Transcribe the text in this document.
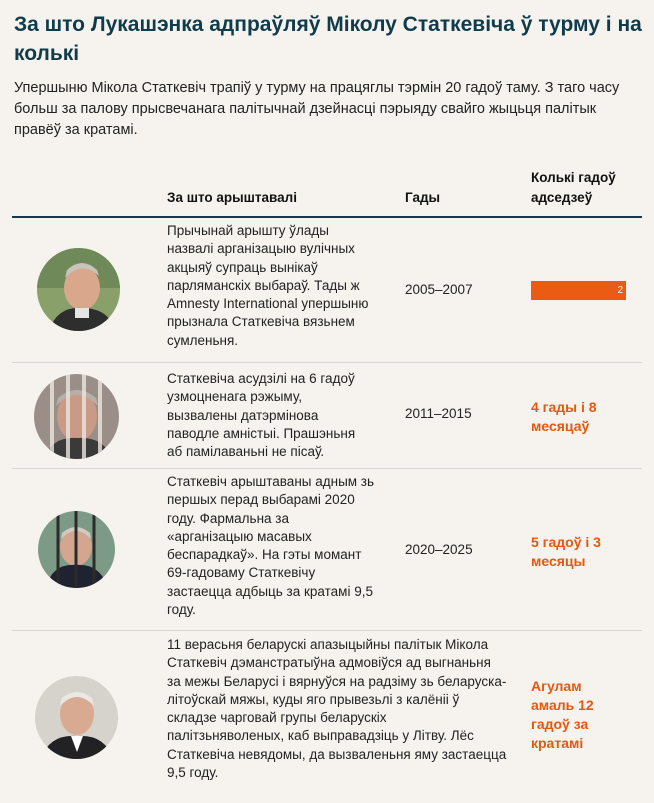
За што Лукашэнка адпраўляў Міколу Статкевіча ў турму і на колькі

Упершыню Мікола Статкевіч трапіў у турму на працяглы тэрмін 20 гадоў таму. З таго часу больш за палову прысвечанага палітычнай дзейнасці пэрыяду свайго жыцьця палітык правёў за кратамі.

За што арыштавалі	Гады
Колькі гадоў адседзеў
Прычынай арышту ўлады назвалі арганізацыю вулічных акцыяў супраць вынікаў парляманскіх выбараў. Тады ж Amnesty International упершыню прызнала Статкевіча вязьнем сумленьня.
2005–2007	2
Статкевіча асудзілі на 6 гадоў узмоцненага рэжыму, вызвалены датэрмінова паводле амністыі. Прашэньня аб памілаваньні не пісаў.
2011–2015	4 гады і 8 месяцаў
Статкевіч арыштаваны адным зь першых перад выбарамі 2020 году. Фармальна за «арганізацыю масавых беспарадкаў». На гэты момант 69-гадоваму Статкевічу застаецца адбыць за кратамі 9,5 году.
2020–2025	5 гадоў і 3 месяцы
11 верасьня беларускі апазыцыйны палітык Мікола Статкевіч дэманстратыўна адмовіўся ад выгнаньня за межы Беларусі і вярнуўся на радзіму зь беларуска-літоўскай мяжы, куды яго прывезьлі з калёніі ў складзе чарговай групы беларускіх палітзьняволеных, каб выправадзіць у Літву. Лёс Статкевіча невядомы, да вызваленьня яму застаецца 9,5 году.
Агулам амаль 12 гадоў за кратамі
